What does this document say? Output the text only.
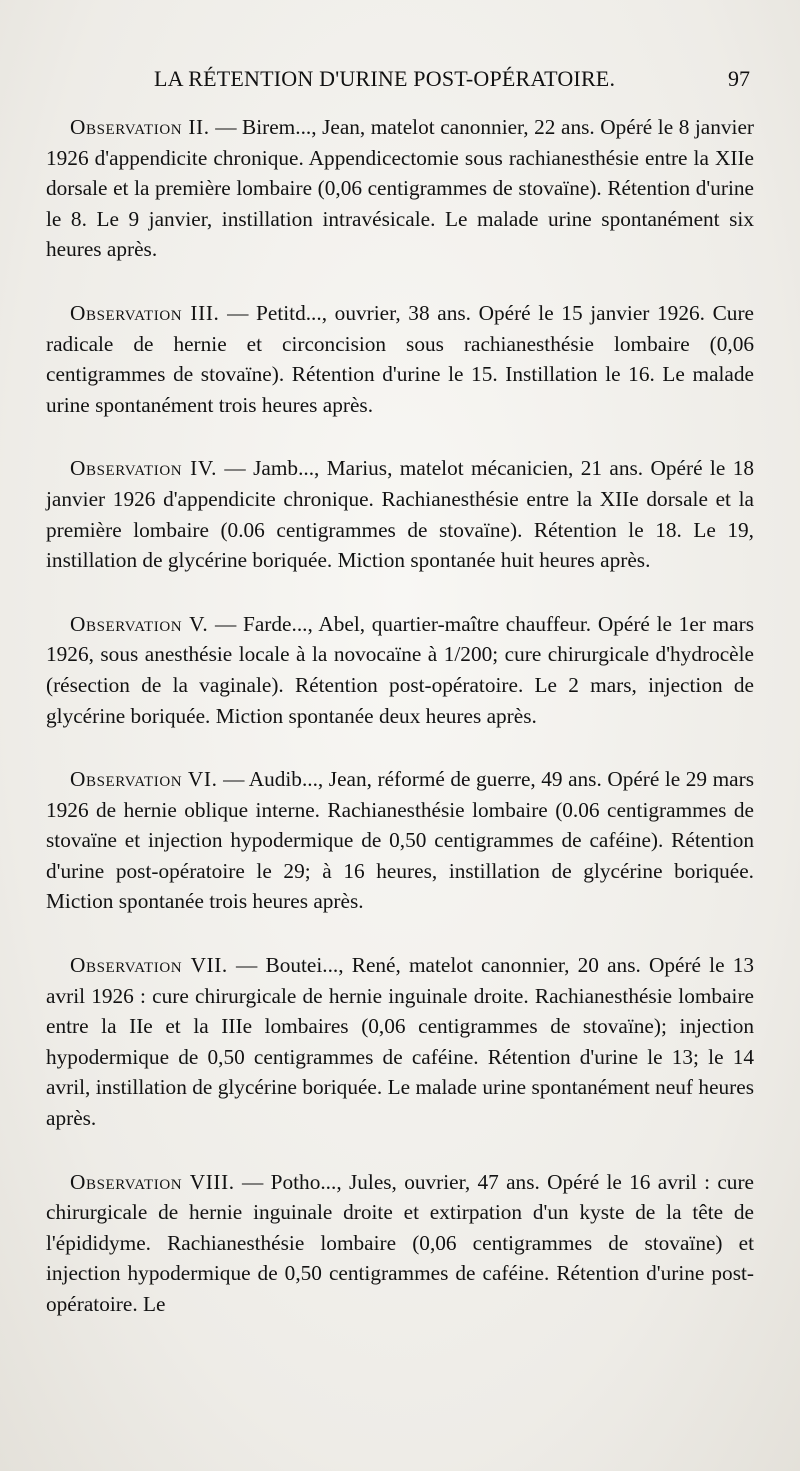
LA RÉTENTION D'URINE POST-OPÉRATOIRE.	97

Observation II. — Birem..., Jean, matelot canonnier, 22 ans. Opéré le 8 janvier 1926 d'appendicite chronique. Appendicectomie sous rachianesthésie entre la XIIe dorsale et la première lombaire (0,06 centigrammes de stovaïne). Rétention d'urine le 8. Le 9 janvier, instillation intravésicale. Le malade urine spontanément six heures après.

Observation III. — Petitd..., ouvrier, 38 ans. Opéré le 15 janvier 1926. Cure radicale de hernie et circoncision sous rachianesthésie lombaire (0,06 centigrammes de stovaïne). Rétention d'urine le 15. Instillation le 16. Le malade urine spontanément trois heures après.

Observation IV. — Jamb..., Marius, matelot mécanicien, 21 ans. Opéré le 18 janvier 1926 d'appendicite chronique. Rachianesthésie entre la XIIe dorsale et la première lombaire (0.06 centigrammes de stovaïne). Rétention le 18. Le 19, instillation de glycérine boriquée. Miction spontanée huit heures après.

Observation V. — Farde..., Abel, quartier-maître chauffeur. Opéré le 1er mars 1926, sous anesthésie locale à la novocaïne à 1/200; cure chirurgicale d'hydrocèle (résection de la vaginale). Rétention post-opératoire. Le 2 mars, injection de glycérine boriquée. Miction spontanée deux heures après.

Observation VI. — Audib..., Jean, réformé de guerre, 49 ans. Opéré le 29 mars 1926 de hernie oblique interne. Rachianesthésie lombaire (0.06 centigrammes de stovaïne et injection hypodermique de 0,50 centigrammes de caféine). Rétention d'urine post-opératoire le 29; à 16 heures, instillation de glycérine boriquée. Miction spontanée trois heures après.

Observation VII. — Boutei..., René, matelot canonnier, 20 ans. Opéré le 13 avril 1926 : cure chirurgicale de hernie inguinale droite. Rachianesthésie lombaire entre la IIe et la IIIe lombaires (0,06 centigrammes de stovaïne); injection hypodermique de 0,50 centigrammes de caféine. Rétention d'urine le 13; le 14 avril, instillation de glycérine boriquée. Le malade urine spontanément neuf heures après.

Observation VIII. — Potho..., Jules, ouvrier, 47 ans. Opéré le 16 avril : cure chirurgicale de hernie inguinale droite et extirpation d'un kyste de la tête de l'épididyme. Rachianesthésie lombaire (0,06 centigrammes de stovaïne) et injection hypodermique de 0,50 centigrammes de caféine. Rétention d'urine post-opératoire. Le
